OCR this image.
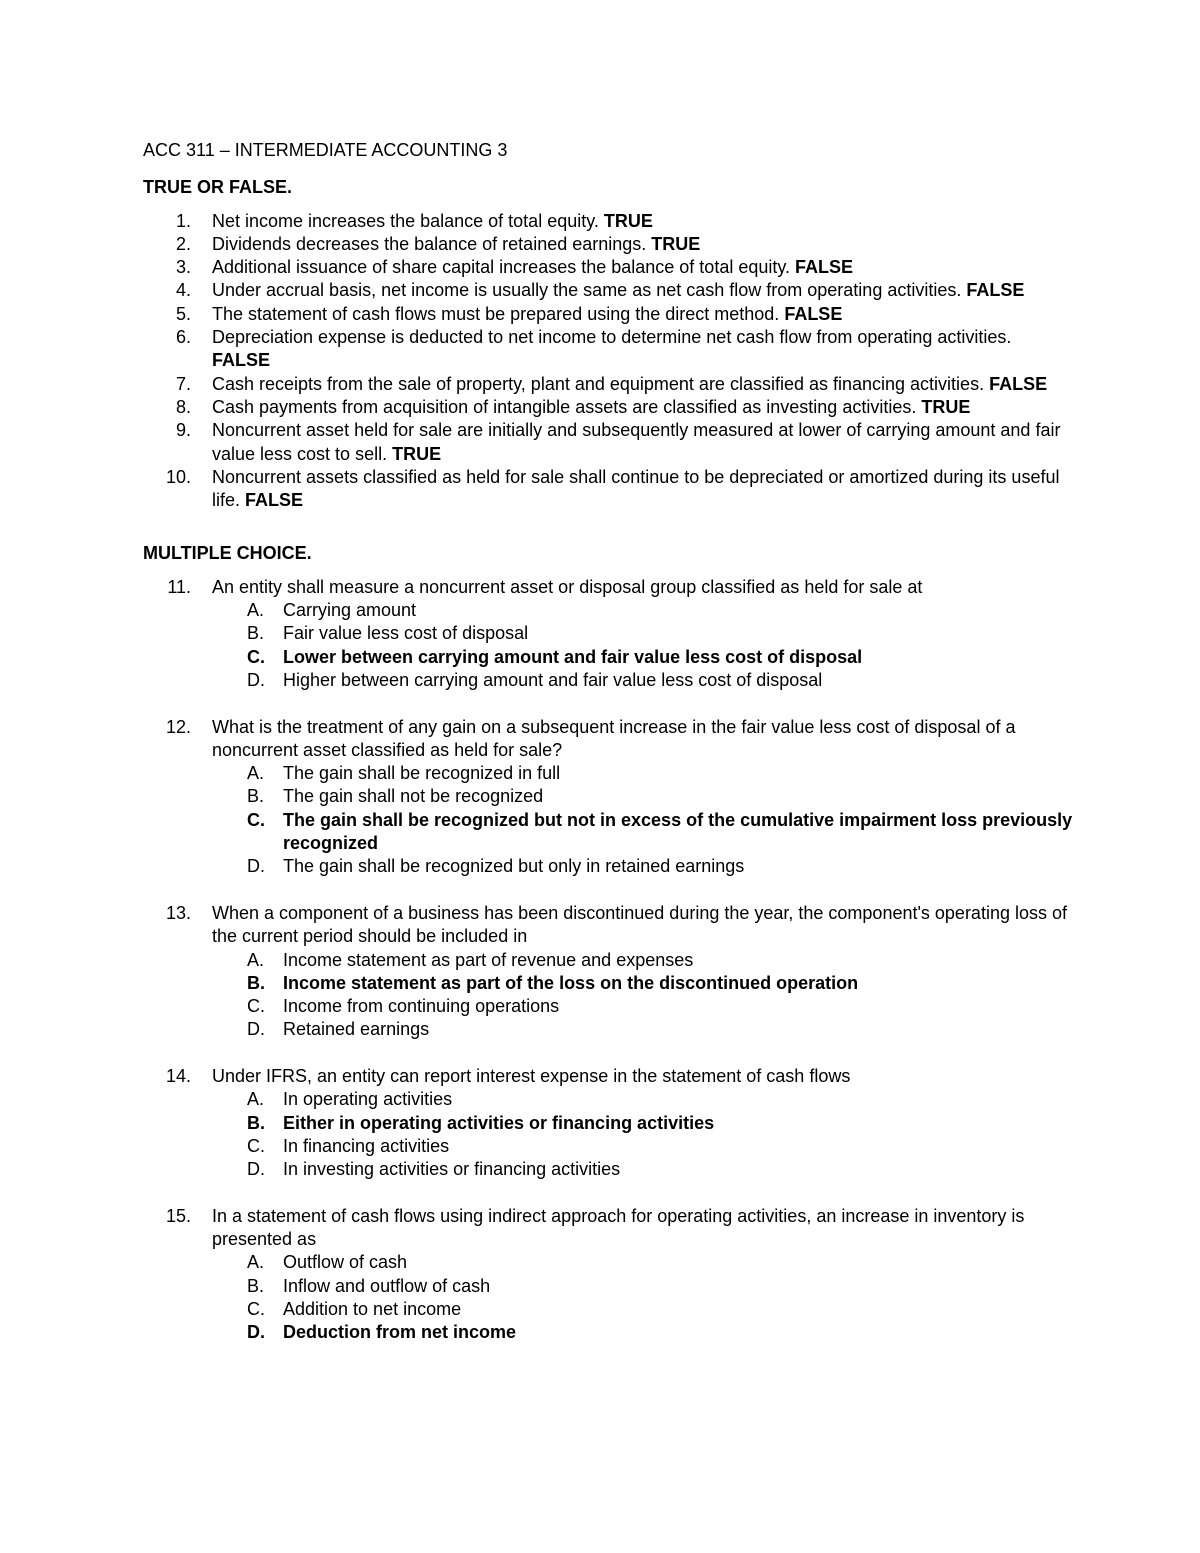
ACC 311 – INTERMEDIATE ACCOUNTING 3
TRUE OR FALSE.
1. Net income increases the balance of total equity. TRUE
2. Dividends decreases the balance of retained earnings. TRUE
3. Additional issuance of share capital increases the balance of total equity. FALSE
4. Under accrual basis, net income is usually the same as net cash flow from operating activities. FALSE
5. The statement of cash flows must be prepared using the direct method. FALSE
6. Depreciation expense is deducted to net income to determine net cash flow from operating activities. FALSE
7. Cash receipts from the sale of property, plant and equipment are classified as financing activities. FALSE
8. Cash payments from acquisition of intangible assets are classified as investing activities. TRUE
9. Noncurrent asset held for sale are initially and subsequently measured at lower of carrying amount and fair value less cost to sell. TRUE
10. Noncurrent assets classified as held for sale shall continue to be depreciated or amortized during its useful life. FALSE
MULTIPLE CHOICE.
11. An entity shall measure a noncurrent asset or disposal group classified as held for sale at
A.	Carrying amount
B.	Fair value less cost of disposal
C.	Lower between carrying amount and fair value less cost of disposal
D.	Higher between carrying amount and fair value less cost of disposal
12. What is the treatment of any gain on a subsequent increase in the fair value less cost of disposal of a noncurrent asset classified as held for sale?
A.	The gain shall be recognized in full
B.	The gain shall not be recognized
C.	The gain shall be recognized but not in excess of the cumulative impairment loss previously recognized
D.	The gain shall be recognized but only in retained earnings
13. When a component of a business has been discontinued during the year, the component's operating loss of the current period should be included in
A.	Income statement as part of revenue and expenses
B.	Income statement as part of the loss on the discontinued operation
C.	Income from continuing operations
D.	Retained earnings
14. Under IFRS, an entity can report interest expense in the statement of cash flows
A.	In operating activities
B.	Either in operating activities or financing activities
C.	In financing activities
D.	In investing activities or financing activities
15. In a statement of cash flows using indirect approach for operating activities, an increase in inventory is presented as
A.	Outflow of cash
B.	Inflow and outflow of cash
C.	Addition to net income
D.	Deduction from net income
